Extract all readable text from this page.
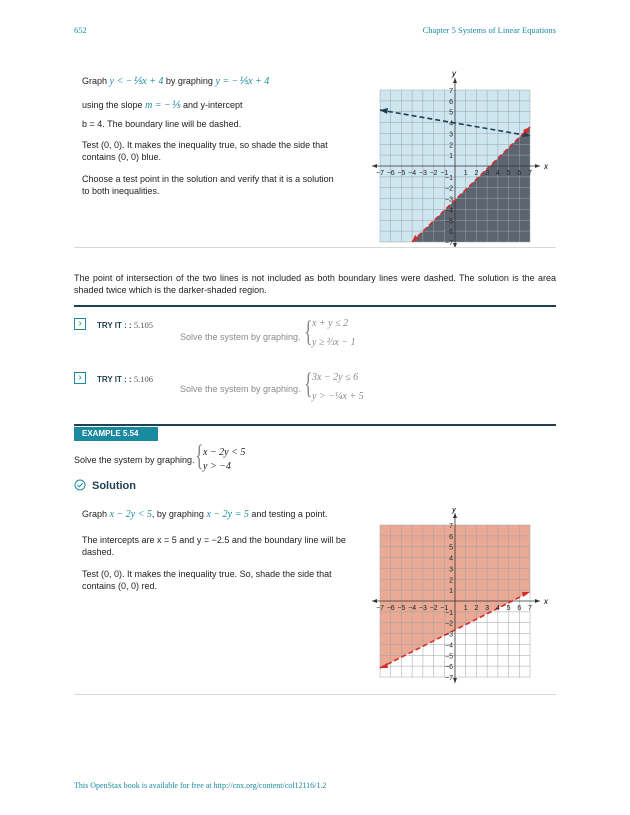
652	Chapter 5 Systems of Linear Equations
Graph y < −⅕x + 4 by graphing y = −⅕x + 4
using the slope m = −⅕ and y-intercept
b = 4. The boundary line will be dashed.
Test (0, 0). It makes the inequality true, so shade the side that contains (0, 0) blue.
Choose a test point in the solution and verify that it is a solution to both inequalities.
x
y
−7 −6 −5 −4 −3 −2 −1 1 2 3 4 5 6 7
7
6
5
4
3
2
1
−1
−2
−3
−4
−5
−6
−7
The point of intersection of the two lines is not included as both boundary lines were dashed. The solution is the area shaded twice which is the darker-shaded region.
›	TRY IT : : 5.105
Solve the system by graphing. { x + y ≤ 2
y ≥ ⅔x − 1
›	TRY IT : : 5.106
Solve the system by graphing. { 3x − 2y ≤ 6
y > −¼x + 5
EXAMPLE 5.54
Solve the system by graphing. { x − 2y < 5
y > −4
Solution
Graph x − 2y < 5, by graphing x − 2y = 5 and testing a point.
The intercepts are x = 5 and y = −2.5 and the boundary line will be dashed.
Test (0, 0). It makes the inequality true. So, shade the side that contains (0, 0) red.
x
y
−7 −6 −5 −4 −3 −2 −1 1 2 3 4 5 6 7
7
6
5
4
3
2
1
−1
−2
−3
−4
−5
−6
−7
This OpenStax book is available for free at http://cnx.org/content/col12116/1.2
